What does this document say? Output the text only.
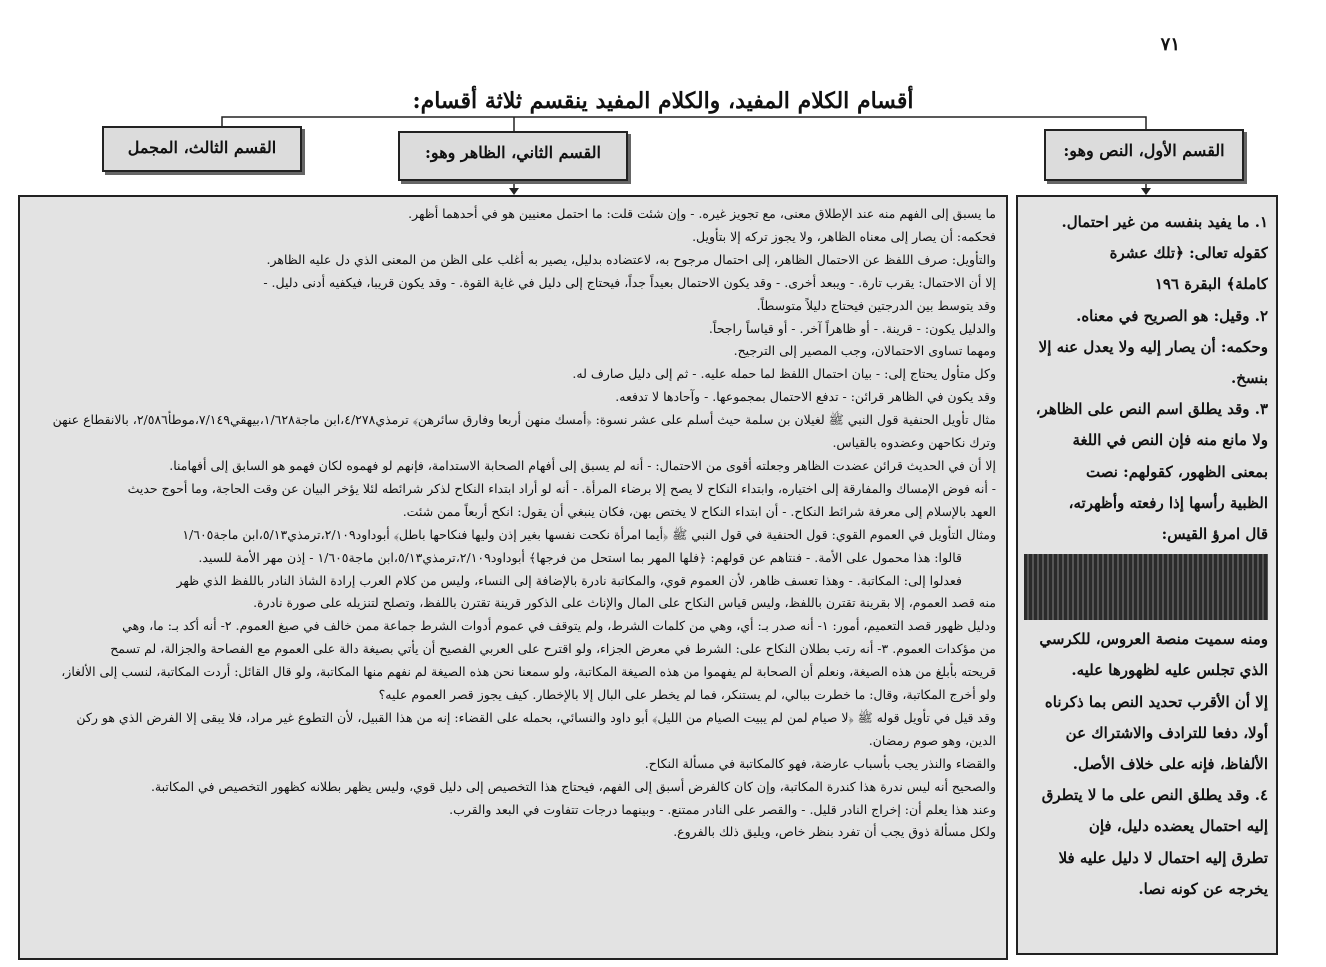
٧١
أقسام الكلام المفيد، والكلام المفيد ينقسم ثلاثة أقسام:
القسم الأول، النص وهو:
القسم الثاني، الظاهر وهو:
القسم الثالث، المجمل
١. ما يفيد بنفسه من غير احتمال.
كقوله تعالى: ﴿تلك عشرة
كاملة﴾ البقرة ١٩٦
٢. وقيل: هو الصريح في معناه.
وحكمه: أن يصار إليه ولا يعدل عنه إلا
بنسخ.
٣. وقد يطلق اسم النص على الظاهر،
ولا مانع منه فإن النص في اللغة
بمعنى الظهور، كقولهم: نصت
الظبية رأسها إذا رفعته وأظهرته،
قال امرؤ القيس:
ومنه سميت منصة العروس، للكرسي
الذي تجلس عليه لظهورها عليه.
إلا أن الأقرب تحديد النص بما ذكرناه
أولا، دفعا للترادف والاشتراك عن
الألفاظ، فإنه على خلاف الأصل.
٤. وقد يطلق النص على ما لا يتطرق
إليه احتمال يعضده دليل، فإن
تطرق إليه احتمال لا دليل عليه فلا
يخرجه عن كونه نصا.
ما يسبق إلى الفهم منه عند الإطلاق معنى، مع تجويز غيره. - وإن شئت قلت: ما احتمل معنيين هو في أحدهما أظهر.
فحكمه: أن يصار إلى معناه الظاهر، ولا يجوز تركه إلا بتأويل.
والتأويل: صرف اللفظ عن الاحتمال الظاهر، إلى احتمال مرجوح به، لاعتضاده بدليل، يصير به أغلب على الظن من المعنى الذي دل عليه الظاهر.
إلا أن الاحتمال: يقرب تارة. - ويبعد أخرى. - وقد يكون الاحتمال بعيداً جداً، فيحتاج إلى دليل في غاية القوة. - وقد يكون قريبا، فيكفيه أدنى دليل. -
وقد يتوسط بين الدرجتين فيحتاج دليلاً متوسطاً.
والدليل يكون: - قرينة. - أو ظاهراً آخر. - أو قياساً راجحاً.
ومهما تساوى الاحتمالان، وجب المصير إلى الترجيح.
وكل متأول يحتاج إلى: - بيان احتمال اللفظ لما حمله عليه. - ثم إلى دليل صارف له.
وقد يكون في الظاهر قرائن: - تدفع الاحتمال بمجموعها. - وآحادها لا تدفعه.
مثال تأويل الحنفية قول النبي ﷺ لغيلان بن سلمة حيث أسلم على عشر نسوة: ﴿أمسك منهن أربعا وفارق سائرهن﴾ ترمذي٤/٢٧٨،ابن ماجة١/٦٢٨،بيهقي٧/١٤٩،موطأ٢/٥٨٦، بالانقطاع عنهن
وترك نكاحهن وعضدوه بالقياس.
إلا أن في الحديث قرائن عضدت الظاهر وجعلته أقوى من الاحتمال: - أنه لم يسبق إلى أفهام الصحابة الاستدامة، فإنهم لو فهموه لكان فهمو هو السابق إلى أفهامنا.
- أنه فوض الإمساك والمفارقة إلى اختياره، وابتداء النكاح لا يصح إلا برضاء المرأة. - أنه لو أراد ابتداء النكاح لذكر شرائطه لئلا يؤخر البيان عن وقت الحاجة، وما أحوج حديث
العهد بالإسلام إلى معرفة شرائط النكاح. - أن ابتداء النكاح لا يختص بهن، فكان ينبغي أن يقول: انكح أربعاً ممن شئت.
ومثال التأويل في العموم القوي: قول الحنفية في قول النبي ﷺ ﴿أيما امرأة نكحت نفسها بغير إذن وليها فنكاحها باطل﴾ أبوداود٢/١٠٩،ترمذي٥/١٣،ابن ماجة١/٦٠٥
قالوا: هذا محمول على الأمة. - فنتاهم عن قولهم: ﴿فلها المهر بما استحل من فرجها﴾ أبوداود٢/١٠٩،ترمذي٥/١٣،ابن ماجة١/٦٠٥ - إذن مهر الأمة للسيد.
فعدلوا إلى: المكاتبة. - وهذا تعسف ظاهر، لأن العموم قوي، والمكاتبة نادرة بالإضافة إلى النساء، وليس من كلام العرب إرادة الشاذ النادر باللفظ الذي ظهر
منه قصد العموم، إلا بقرينة تقترن باللفظ، وليس قياس النكاح على المال والإناث على الذكور قرينة تقترن باللفظ، وتصلح لتنزيله على صورة نادرة.
ودليل ظهور قصد التعميم، أمور: ١- أنه صدر بـ: أي، وهي من كلمات الشرط، ولم يتوقف في عموم أدوات الشرط جماعة ممن خالف في صيغ العموم. ٢- أنه أكد بـ: ما، وهي
من مؤكدات العموم. ٣- أنه رتب بطلان النكاح على: الشرط في معرض الجزاء، ولو اقترح على العربي الفصيح أن يأتي بصيغة دالة على العموم مع الفصاحة والجزالة، لم تسمح
قريحته بأبلغ من هذه الصيغة، ونعلم أن الصحابة لم يفهموا من هذه الصيغة المكاتبة، ولو سمعنا نحن هذه الصيغة لم نفهم منها المكاتبة، ولو قال القائل: أردت المكاتبة، لنسب إلى الألغاز،
ولو أخرج المكاتبة، وقال: ما خطرت ببالي، لم يستنكر، فما لم يخطر على البال إلا بالإخطار. كيف يجوز قصر العموم عليه؟
وقد قيل في تأويل قوله ﷺ ﴿لا صيام لمن لم يبيت الصيام من الليل﴾ أبو داود والنسائي، بحمله على القضاء: إنه من هذا القبيل، لأن التطوع غير مراد، فلا يبقى إلا الفرض الذي هو ركن
الدين، وهو صوم رمضان.
والقضاء والنذر يجب بأسباب عارضة، فهو كالمكاتبة في مسألة النكاح.
والصحيح أنه ليس ندرة هذا كندرة المكاتبة، وإن كان كالفرض أسبق إلى الفهم، فيحتاج هذا التخصيص إلى دليل قوي، وليس يظهر بطلانه كظهور التخصيص في المكاتبة.
وعند هذا يعلم أن: إخراج النادر قليل. - والقصر على النادر ممتنع. - وبينهما درجات تتفاوت في البعد والقرب.
ولكل مسألة ذوق يجب أن تفرد بنظر خاص، ويليق ذلك بالفروع.
